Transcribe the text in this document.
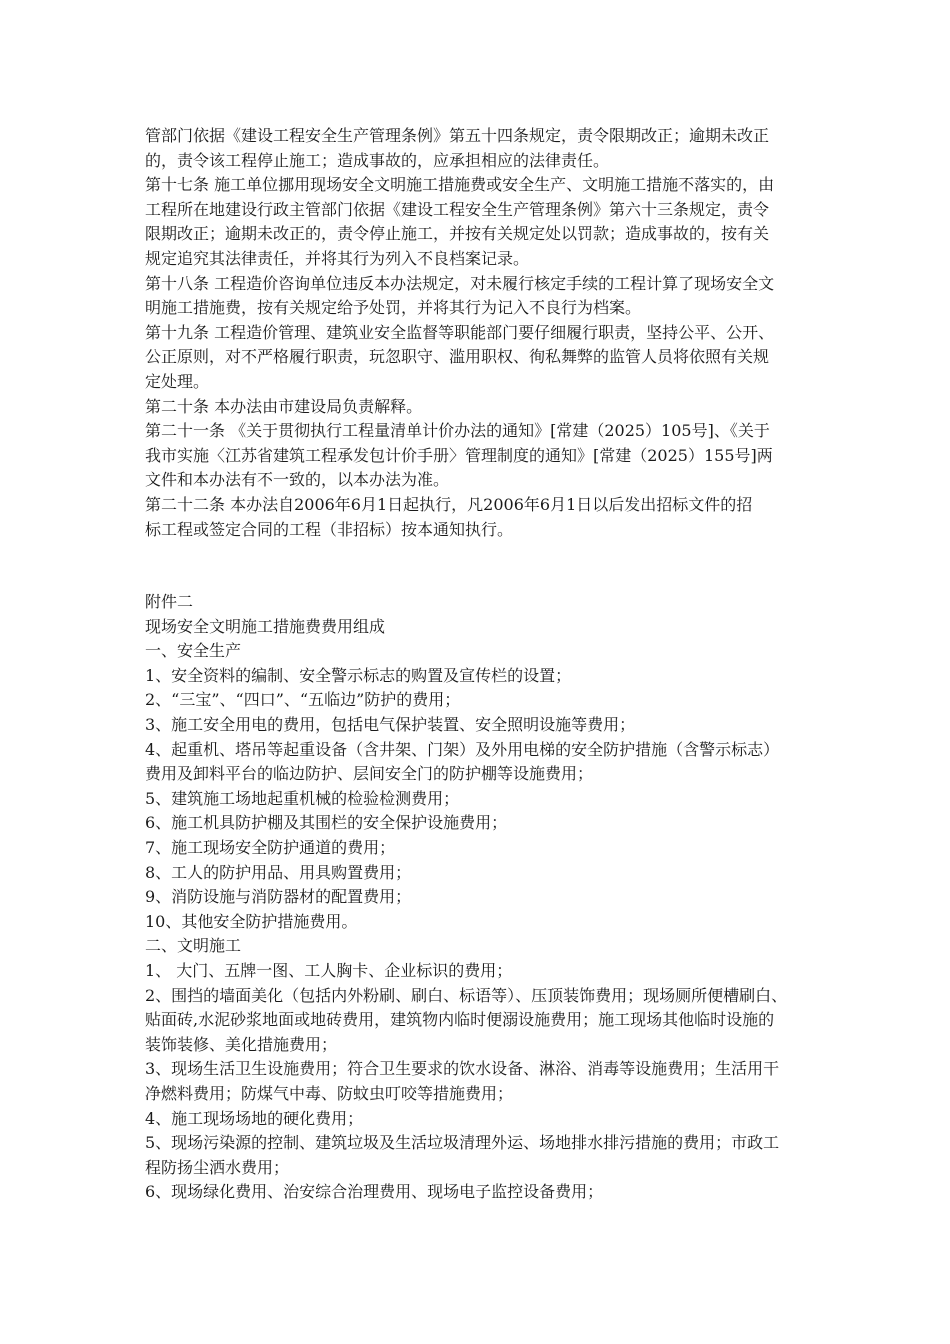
管部门依据《建设工程安全生产管理条例》第五十四条规定，责令限期改正；逾期未改正

的，责令该工程停止施工；造成事故的，应承担相应的法律责任。

第十七条 施工单位挪用现场安全文明施工措施费或安全生产、文明施工措施不落实的，由

工程所在地建设行政主管部门依据《建设工程安全生产管理条例》第六十三条规定，责令

限期改正；逾期未改正的，责令停止施工，并按有关规定处以罚款；造成事故的，按有关

规定追究其法律责任，并将其行为列入不良档案记录。

第十八条 工程造价咨询单位违反本办法规定，对未履行核定手续的工程计算了现场安全文

明施工措施费，按有关规定给予处罚，并将其行为记入不良行为档案。

第十九条 工程造价管理、建筑业安全监督等职能部门要仔细履行职责，坚持公平、公开、

公正原则，对不严格履行职责，玩忽职守、滥用职权、徇私舞弊的监管人员将依照有关规

定处理。

第二十条 本办法由市建设局负责解释。

第二十一条 《关于贯彻执行工程量清单计价办法的通知》[常建（2025）105号]、《关于

我市实施〈江苏省建筑工程承发包计价手册〉管理制度的通知》[常建（2025）155号]两

文件和本办法有不一致的，以本办法为准。

第二十二条 本办法自2006年6月1日起执行，凡2006年6月1日以后发出招标文件的招

标工程或签定合同的工程（非招标）按本通知执行。

附件二

现场安全文明施工措施费费用组成

一、安全生产

1、安全资料的编制、安全警示标志的购置及宣传栏的设置；

2、“三宝”、“四口”、“五临边”防护的费用；

3、施工安全用电的费用，包括电气保护装置、安全照明设施等费用；

4、起重机、塔吊等起重设备（含井架、门架）及外用电梯的安全防护措施（含警示标志）

费用及卸料平台的临边防护、层间安全门的防护棚等设施费用；

5、建筑施工场地起重机械的检验检测费用；

6、施工机具防护棚及其围栏的安全保护设施费用；

7、施工现场安全防护通道的费用；

8、工人的防护用品、用具购置费用；

9、消防设施与消防器材的配置费用；

10、其他安全防护措施费用。

二、文明施工

1、 大门、五牌一图、工人胸卡、企业标识的费用；

2、围挡的墙面美化（包括内外粉刷、刷白、标语等）、压顶装饰费用；现场厕所便槽刷白、

贴面砖,水泥砂浆地面或地砖费用，建筑物内临时便溺设施费用；施工现场其他临时设施的

装饰装修、美化措施费用；

3、现场生活卫生设施费用；符合卫生要求的饮水设备、淋浴、消毒等设施费用；生活用干

净燃料费用；防煤气中毒、防蚊虫叮咬等措施费用；

4、施工现场场地的硬化费用；

5、现场污染源的控制、建筑垃圾及生活垃圾清理外运、场地排水排污措施的费用；市政工

程防扬尘洒水费用；

6、现场绿化费用、治安综合治理费用、现场电子监控设备费用；
